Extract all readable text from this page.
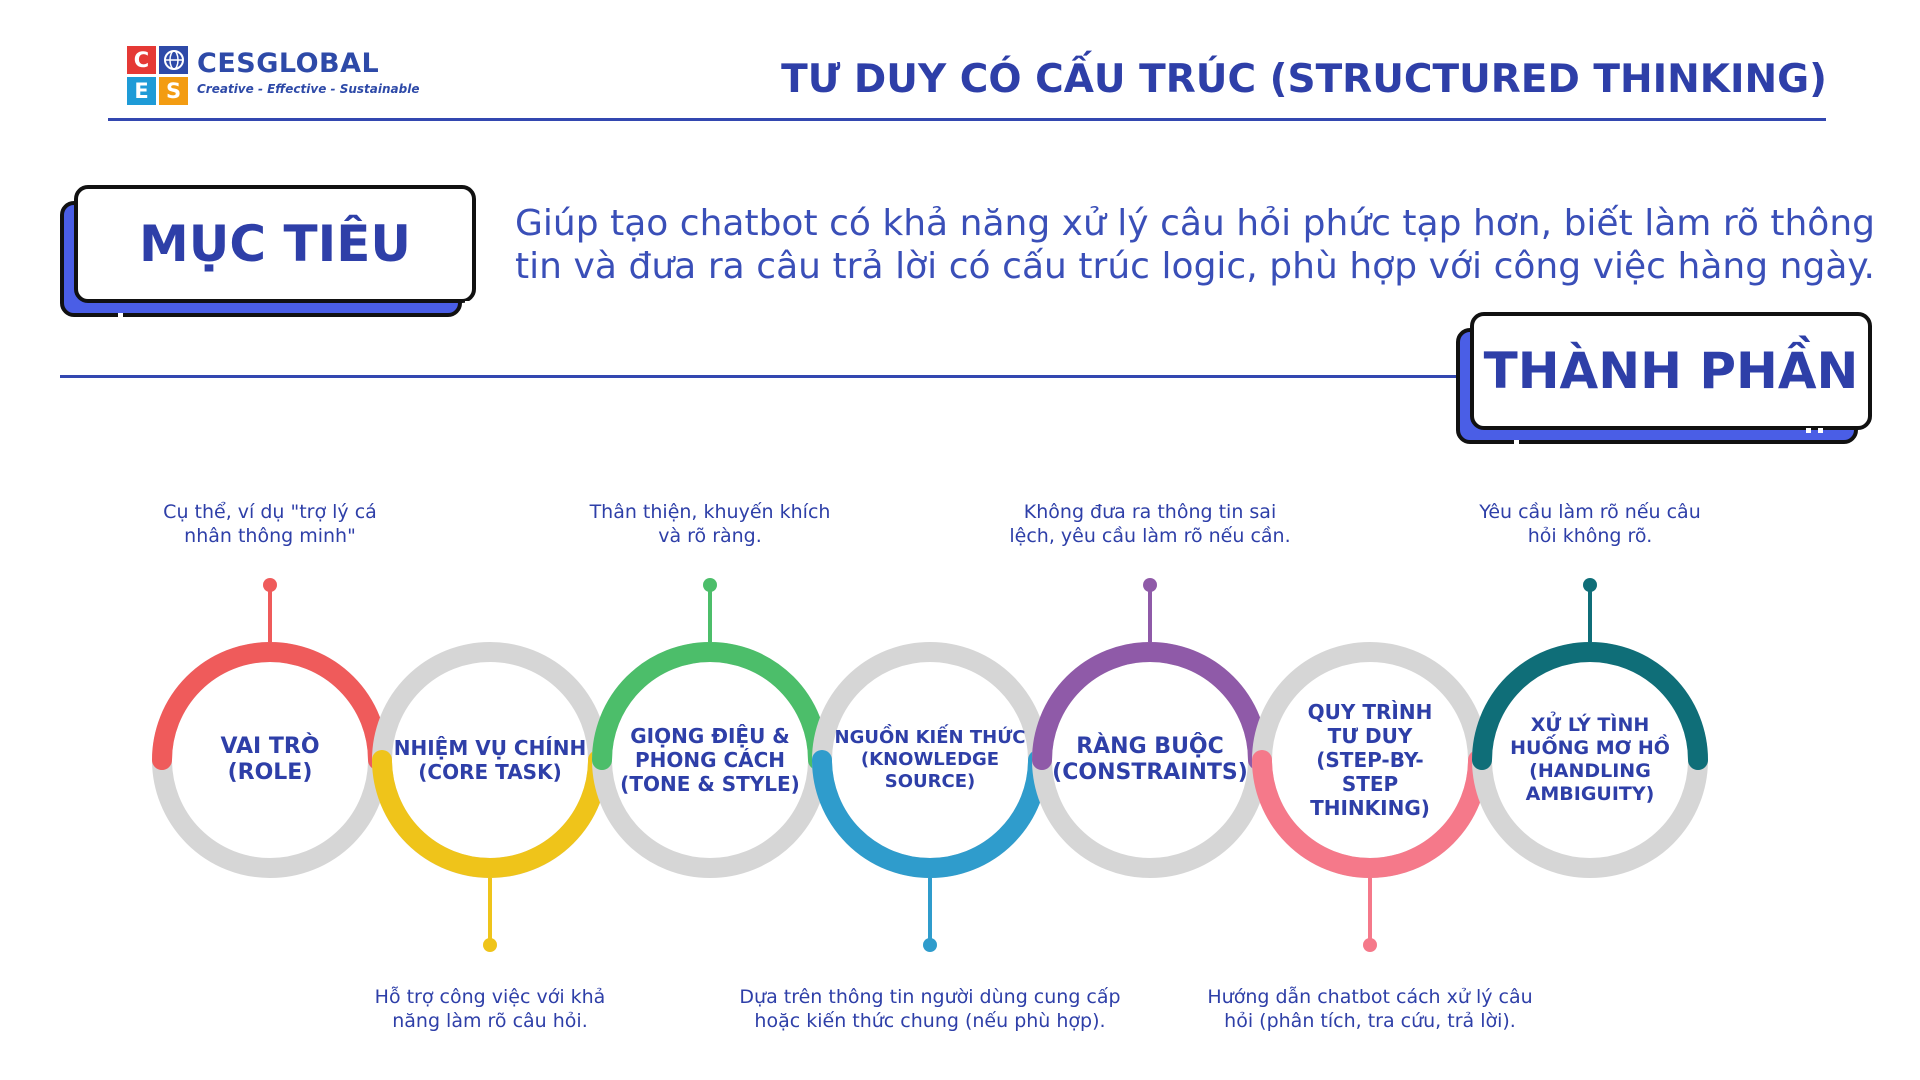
C
E S
CESGLOBAL
Creative - Effective - Sustainable	TƯ DUY CÓ CẤU TRÚC (STRUCTURED THINKING)
MỤC TIÊU	Giúp tạo chatbot có khả năng xử lý câu hỏi phức tạp hơn, biết làm rõ thông tin và đưa ra câu trả lời có cấu trúc logic, phù hợp với công việc hàng ngày.
THÀNH PHẦN
VAI TRÒ
(ROLE)
Cụ thể, ví dụ "trợ lý cá
nhân thông minh"
NHIỆM VỤ CHÍNH
(CORE TASK)
Hỗ trợ công việc với khả
năng làm rõ câu hỏi.
GIỌNG ĐIỆU &
PHONG CÁCH
(TONE & STYLE)
Thân thiện, khuyến khích
và rõ ràng.
NGUỒN KIẾN THỨC
(KNOWLEDGE
SOURCE)
Dựa trên thông tin người dùng cung cấp
hoặc kiến thức chung (nếu phù hợp).
RÀNG BUỘC
(CONSTRAINTS)
Không đưa ra thông tin sai
lệch, yêu cầu làm rõ nếu cần.
QUY TRÌNH
TƯ DUY
(STEP-BY-
STEP
THINKING)
Hướng dẫn chatbot cách xử lý câu
hỏi (phân tích, tra cứu, trả lời).
XỬ LÝ TÌNH
HUỐNG MƠ HỒ
(HANDLING
AMBIGUITY)
Yêu cầu làm rõ nếu câu
hỏi không rõ.
